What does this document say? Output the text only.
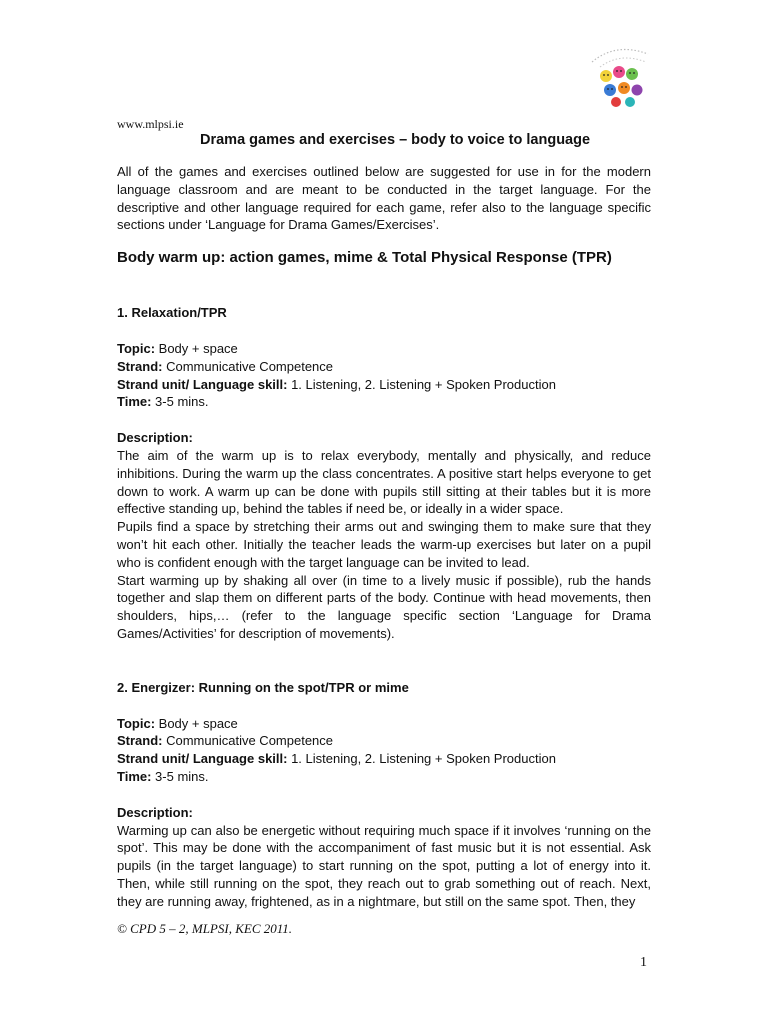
www.mlpsi.ie
Drama games and exercises – body to voice to language

All of the games and exercises outlined below are suggested for use in for the modern language classroom and are meant to be conducted in the target language. For the descriptive and other language required for each game, refer also to the language specific sections under ‘Language for Drama Games/Exercises’.

Body warm up: action games, mime & Total Physical Response (TPR)
1. Relaxation/TPR
Topic: Body + space
Strand: Communicative Competence
Strand unit/ Language skill: 1. Listening, 2. Listening + Spoken Production
Time: 3-5 mins.
Description:

The aim of the warm up is to relax everybody, mentally and physically, and reduce inhibitions. During the warm up the class concentrates. A positive start helps everyone to get down to work. A warm up can be done with pupils still sitting at their tables but it is more effective standing up, behind the tables if need be, or ideally in a wider space.

Pupils find a space by stretching their arms out and swinging them to make sure that they won’t hit each other. Initially the teacher leads the warm-up exercises but later on a pupil who is confident enough with the target language can be invited to lead.

Start warming up by shaking all over (in time to a lively music if possible), rub the hands together and slap them on different parts of the body. Continue with head movements, then shoulders, hips,… (refer to the language specific section ‘Language for Drama Games/Activities’ for description of movements).

2. Energizer: Running on the spot/TPR or mime
Topic: Body + space
Strand: Communicative Competence
Strand unit/ Language skill: 1. Listening, 2. Listening + Spoken Production
Time: 3-5 mins.
Description:

Warming up can also be energetic without requiring much space if it involves ‘running on the spot’. This may be done with the accompaniment of fast music but it is not essential. Ask pupils (in the target language) to start running on the spot, putting a lot of energy into it. Then, while still running on the spot, they reach out to grab something out of reach. Next, they are running away, frightened, as in a nightmare, but still on the same spot. Then, they

© CPD 5 – 2, MLPSI, KEC 2011.
1
